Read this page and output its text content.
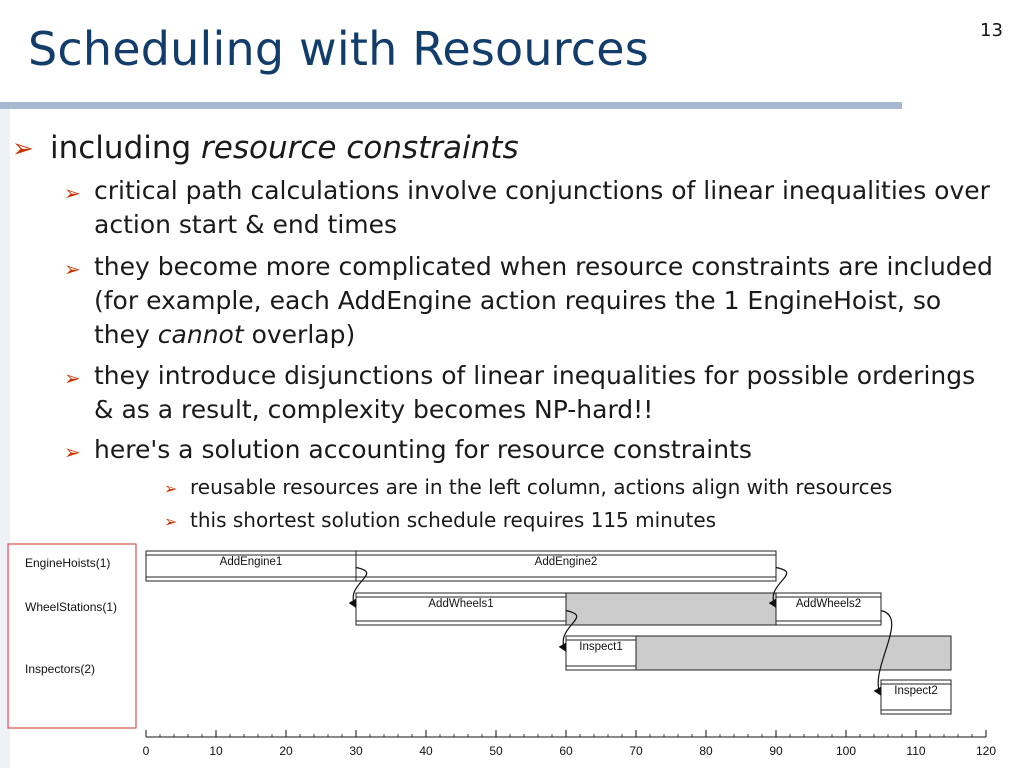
Scheduling with Resources	13
➢ including resource constraints
➢ critical path calculations involve conjunctions of linear inequalities over action start & end times
➢ they become more complicated when resource constraints are included (for example, each AddEngine action requires the 1 EngineHoist, so they cannot overlap)
➢ they introduce disjunctions of linear inequalities for possible orderings & as a result, complexity becomes NP-hard!!
➢ here's a solution accounting for resource constraints
➢ reusable resources are in the left column, actions align with resources
➢ this shortest solution schedule requires 115 minutes
EngineHoists(1)
WheelStations(1)
Inspectors(2)
AddEngine1	AddEngine2
AddWheels1	AddWheels2
Inspect1
Inspect2
0	10	20	30	40	50	60	70	80	90	100	110	120
